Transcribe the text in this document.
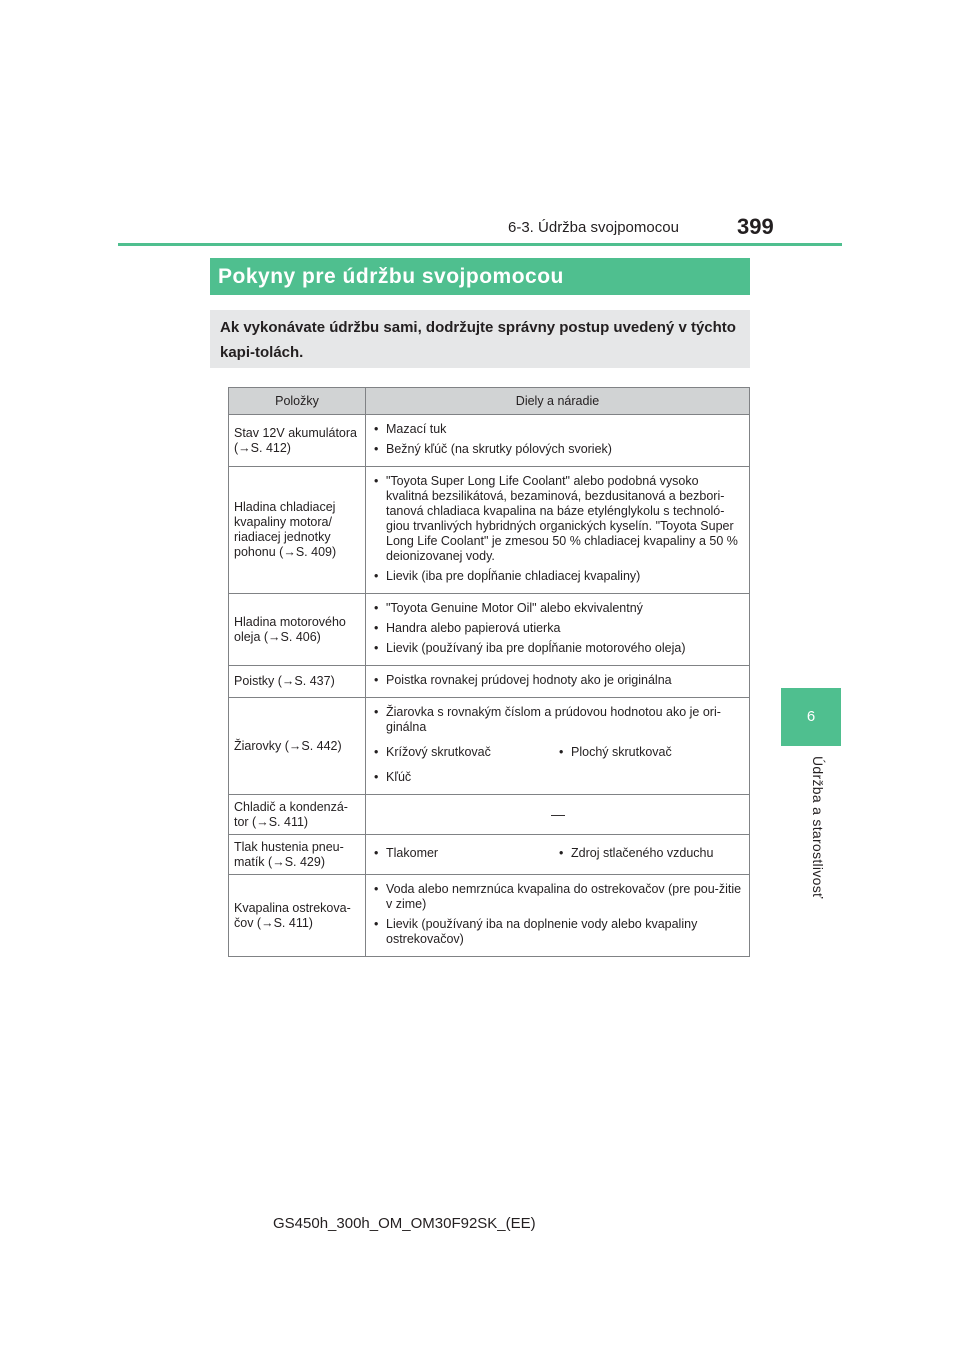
6-3. Údržba svojpomocou	399
6
Údržba a starostlivosť
Pokyny pre údržbu svojpomocou
Ak vykonávate údržbu sami, dodržujte správny postup uvedený v týchto kapi-tolách.
Položky	Diely a náradie
Stav 12V akumulátora (→S. 412)	• Mazací tuk
• Bežný kľúč (na skrutky pólových svoriek)

Hladina chladiacej kvapaliny motora/ riadiacej jednotky pohonu (→S. 409)	• "Toyota Super Long Life Coolant" alebo podobná vysoko kvalitná bezsilikátová, bezaminová, bezdusitanová a bezbori-tanová chladiaca kvapalina na báze etylénglykolu s technoló-giou trvanlivých hybridných organických kyselín. "Toyota Super Long Life Coolant" je zmesou 50 % chladiacej kvapaliny a 50 % deionizovanej vody.
• Lievik (iba pre dopĺňanie chladiacej kvapaliny)

Hladina motorového oleja (→S. 406)	• "Toyota Genuine Motor Oil" alebo ekvivalentný
• Handra alebo papierová utierka
• Lievik (používaný iba pre dopĺňanie motorového oleja)

Poistky (→S. 437)	• Poistka rovnakej prúdovej hodnoty ako je originálna

Žiarovky (→S. 442)	• Žiarovka s rovnakým číslom a prúdovou hodnotou ako je ori-ginálna
• Krížový skrutkovač • Plochý skrutkovač
• Kľúč

Chladič a kondenzá-tor (→S. 411)	—
Tlak hustenia pneu-matík (→S. 429)	• Tlakomer • Zdroj stlačeného vzduchu

Kvapalina ostrekova-čov (→S. 411)	• Voda alebo nemrznúca kvapalina do ostrekovačov (pre pou-žitie v zime)
• Lievik (používaný iba na doplnenie vody alebo kvapaliny ostrekovačov)
GS450h_300h_OM_OM30F92SK_(EE)
